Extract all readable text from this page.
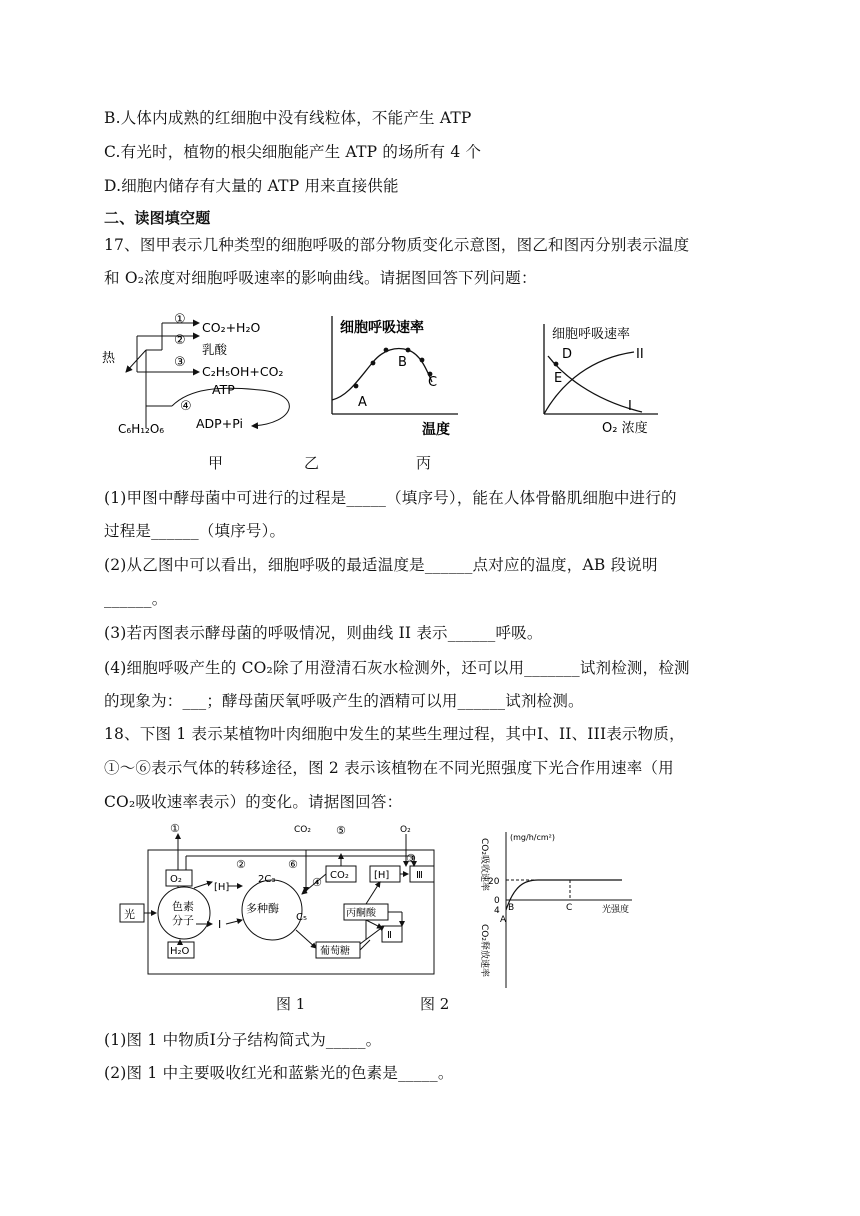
B.人体内成熟的红细胞中没有线粒体，不能产生 ATP
C.有光时，植物的根尖细胞能产生 ATP 的场所有 4 个
D.细胞内储存有大量的 ATP 用来直接供能
二、读图填空题
17、图甲表示几种类型的细胞呼吸的部分物质变化示意图，图乙和图丙分别表示温度
和 O₂浓度对细胞呼吸速率的影响曲线。请据图回答下列问题：
热
①
②
③
④
CO₂+H₂O
乳酸
C₂H₅OH+CO₂
ATP
C₆H₁₂O₆	ADP+Pi
细胞呼吸速率
温度
A
B
C
细胞呼吸速率
O₂ 浓度
D
E
I
II
甲	乙	丙
(1)甲图中酵母菌中可进行的过程是_____（填序号），能在人体骨骼肌细胞中进行的
过程是______（填序号）。
(2)从乙图中可以看出，细胞呼吸的最适温度是______点对应的温度，AB 段说明
______。
(3)若丙图表示酵母菌的呼吸情况，则曲线 II 表示______呼吸。
(4)细胞呼吸产生的 CO₂除了用澄清石灰水检测外，还可以用_______试剂检测，检测
的现象为：___；酵母菌厌氧呼吸产生的酒精可以用______试剂检测。
18、下图 1 表示某植物叶肉细胞中发生的某些生理过程，其中I、II、III表示物质，
①～⑥表示气体的转移途径，图 2 表示该植物在不同光照强度下光合作用速率（用
CO₂吸收速率表示）的变化。请据图回答：
光
色素
分子
O₂
H₂O
[H]
I
多种酶
2C₃
C₅
CO₂
丙酮酸
葡萄糖
[H]	Ⅲ
Ⅱ
CO₂	O₂
①
②	③
④
⑤
⑥
(mg/h/cm²)
CO₂吸收速率
CO₂释放速率
20
0
4
A
B	C	光强度
图 1	图 2
(1)图 1 中物质I分子结构简式为_____。
(2)图 1 中主要吸收红光和蓝紫光的色素是_____。
